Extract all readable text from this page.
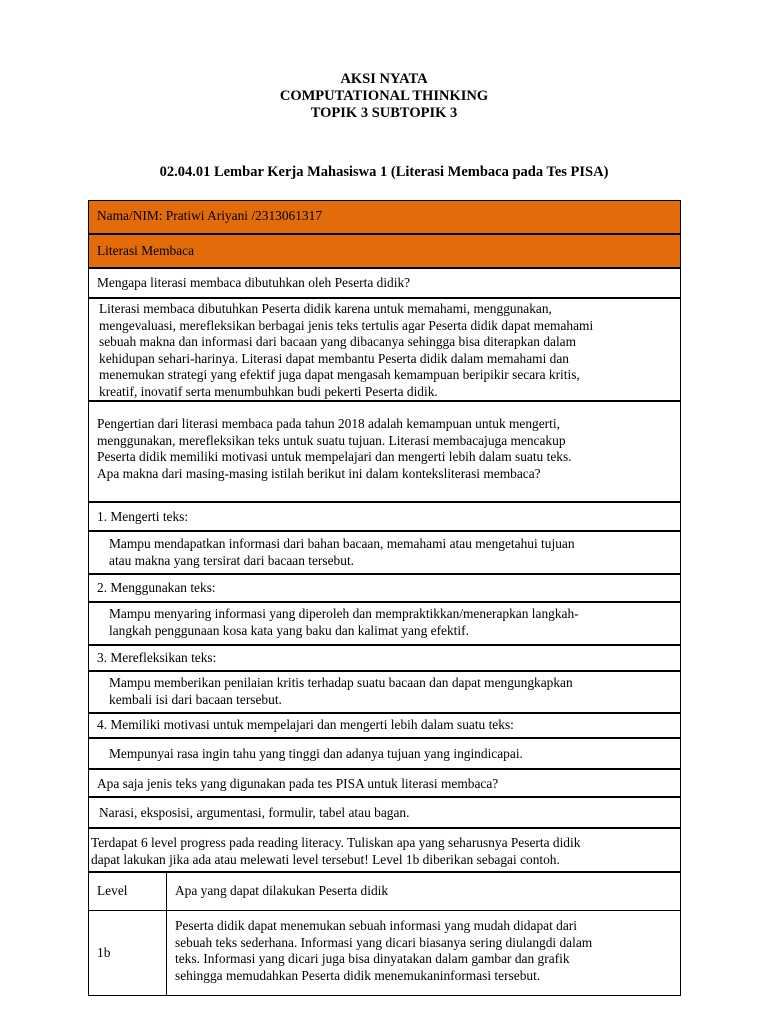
AKSI NYATA
COMPUTATIONAL THINKING
TOPIK 3 SUBTOPIK 3
02.04.01 Lembar Kerja Mahasiswa 1 (Literasi Membaca pada Tes PISA)
Nama/NIM: Pratiwi Ariyani /2313061317
Literasi Membaca
Mengapa literasi membaca dibutuhkan oleh Peserta didik?
Literasi membaca dibutuhkan Peserta didik karena untuk memahami, menggunakan,
mengevaluasi, merefleksikan berbagai jenis teks tertulis agar Peserta didik dapat memahami
sebuah makna dan informasi dari bacaan yang dibacanya sehingga bisa diterapkan dalam
kehidupan sehari-harinya. Literasi dapat membantu Peserta didik dalam memahami dan
menemukan strategi yang efektif juga dapat mengasah kemampuan beripikir secara kritis,
kreatif, inovatif serta menumbuhkan budi pekerti Peserta didik.
Pengertian dari literasi membaca pada tahun 2018 adalah kemampuan untuk mengerti,
menggunakan, merefleksikan teks untuk suatu tujuan. Literasi membacajuga mencakup
Peserta didik memiliki motivasi untuk mempelajari dan mengerti lebih dalam suatu teks.
Apa makna dari masing-masing istilah berikut ini dalam konteksliterasi membaca?
1. Mengerti teks:
Mampu mendapatkan informasi dari bahan bacaan, memahami atau mengetahui tujuan
atau makna yang tersirat dari bacaan tersebut.
2. Menggunakan teks:
Mampu menyaring informasi yang diperoleh dan mempraktikkan/menerapkan langkah-
langkah penggunaan kosa kata yang baku dan kalimat yang efektif.
3. Merefleksikan teks:
Mampu memberikan penilaian kritis terhadap suatu bacaan dan dapat mengungkapkan
kembali isi dari bacaan tersebut.
4. Memiliki motivasi untuk mempelajari dan mengerti lebih dalam suatu teks:
Mempunyai rasa ingin tahu yang tinggi dan adanya tujuan yang ingindicapai.
Apa saja jenis teks yang digunakan pada tes PISA untuk literasi membaca?
Narasi, eksposisi, argumentasi, formulir, tabel atau bagan.
Terdapat 6 level progress pada reading literacy. Tuliskan apa yang seharusnya Peserta didik
dapat lakukan jika ada atau melewati level tersebut! Level 1b diberikan sebagai contoh.
Level	Apa yang dapat dilakukan Peserta didik
1b
Peserta didik dapat menemukan sebuah informasi yang mudah didapat dari
sebuah teks sederhana. Informasi yang dicari biasanya sering diulangdi dalam
teks. Informasi yang dicari juga bisa dinyatakan dalam gambar dan grafik
sehingga memudahkan Peserta didik menemukaninformasi tersebut.
